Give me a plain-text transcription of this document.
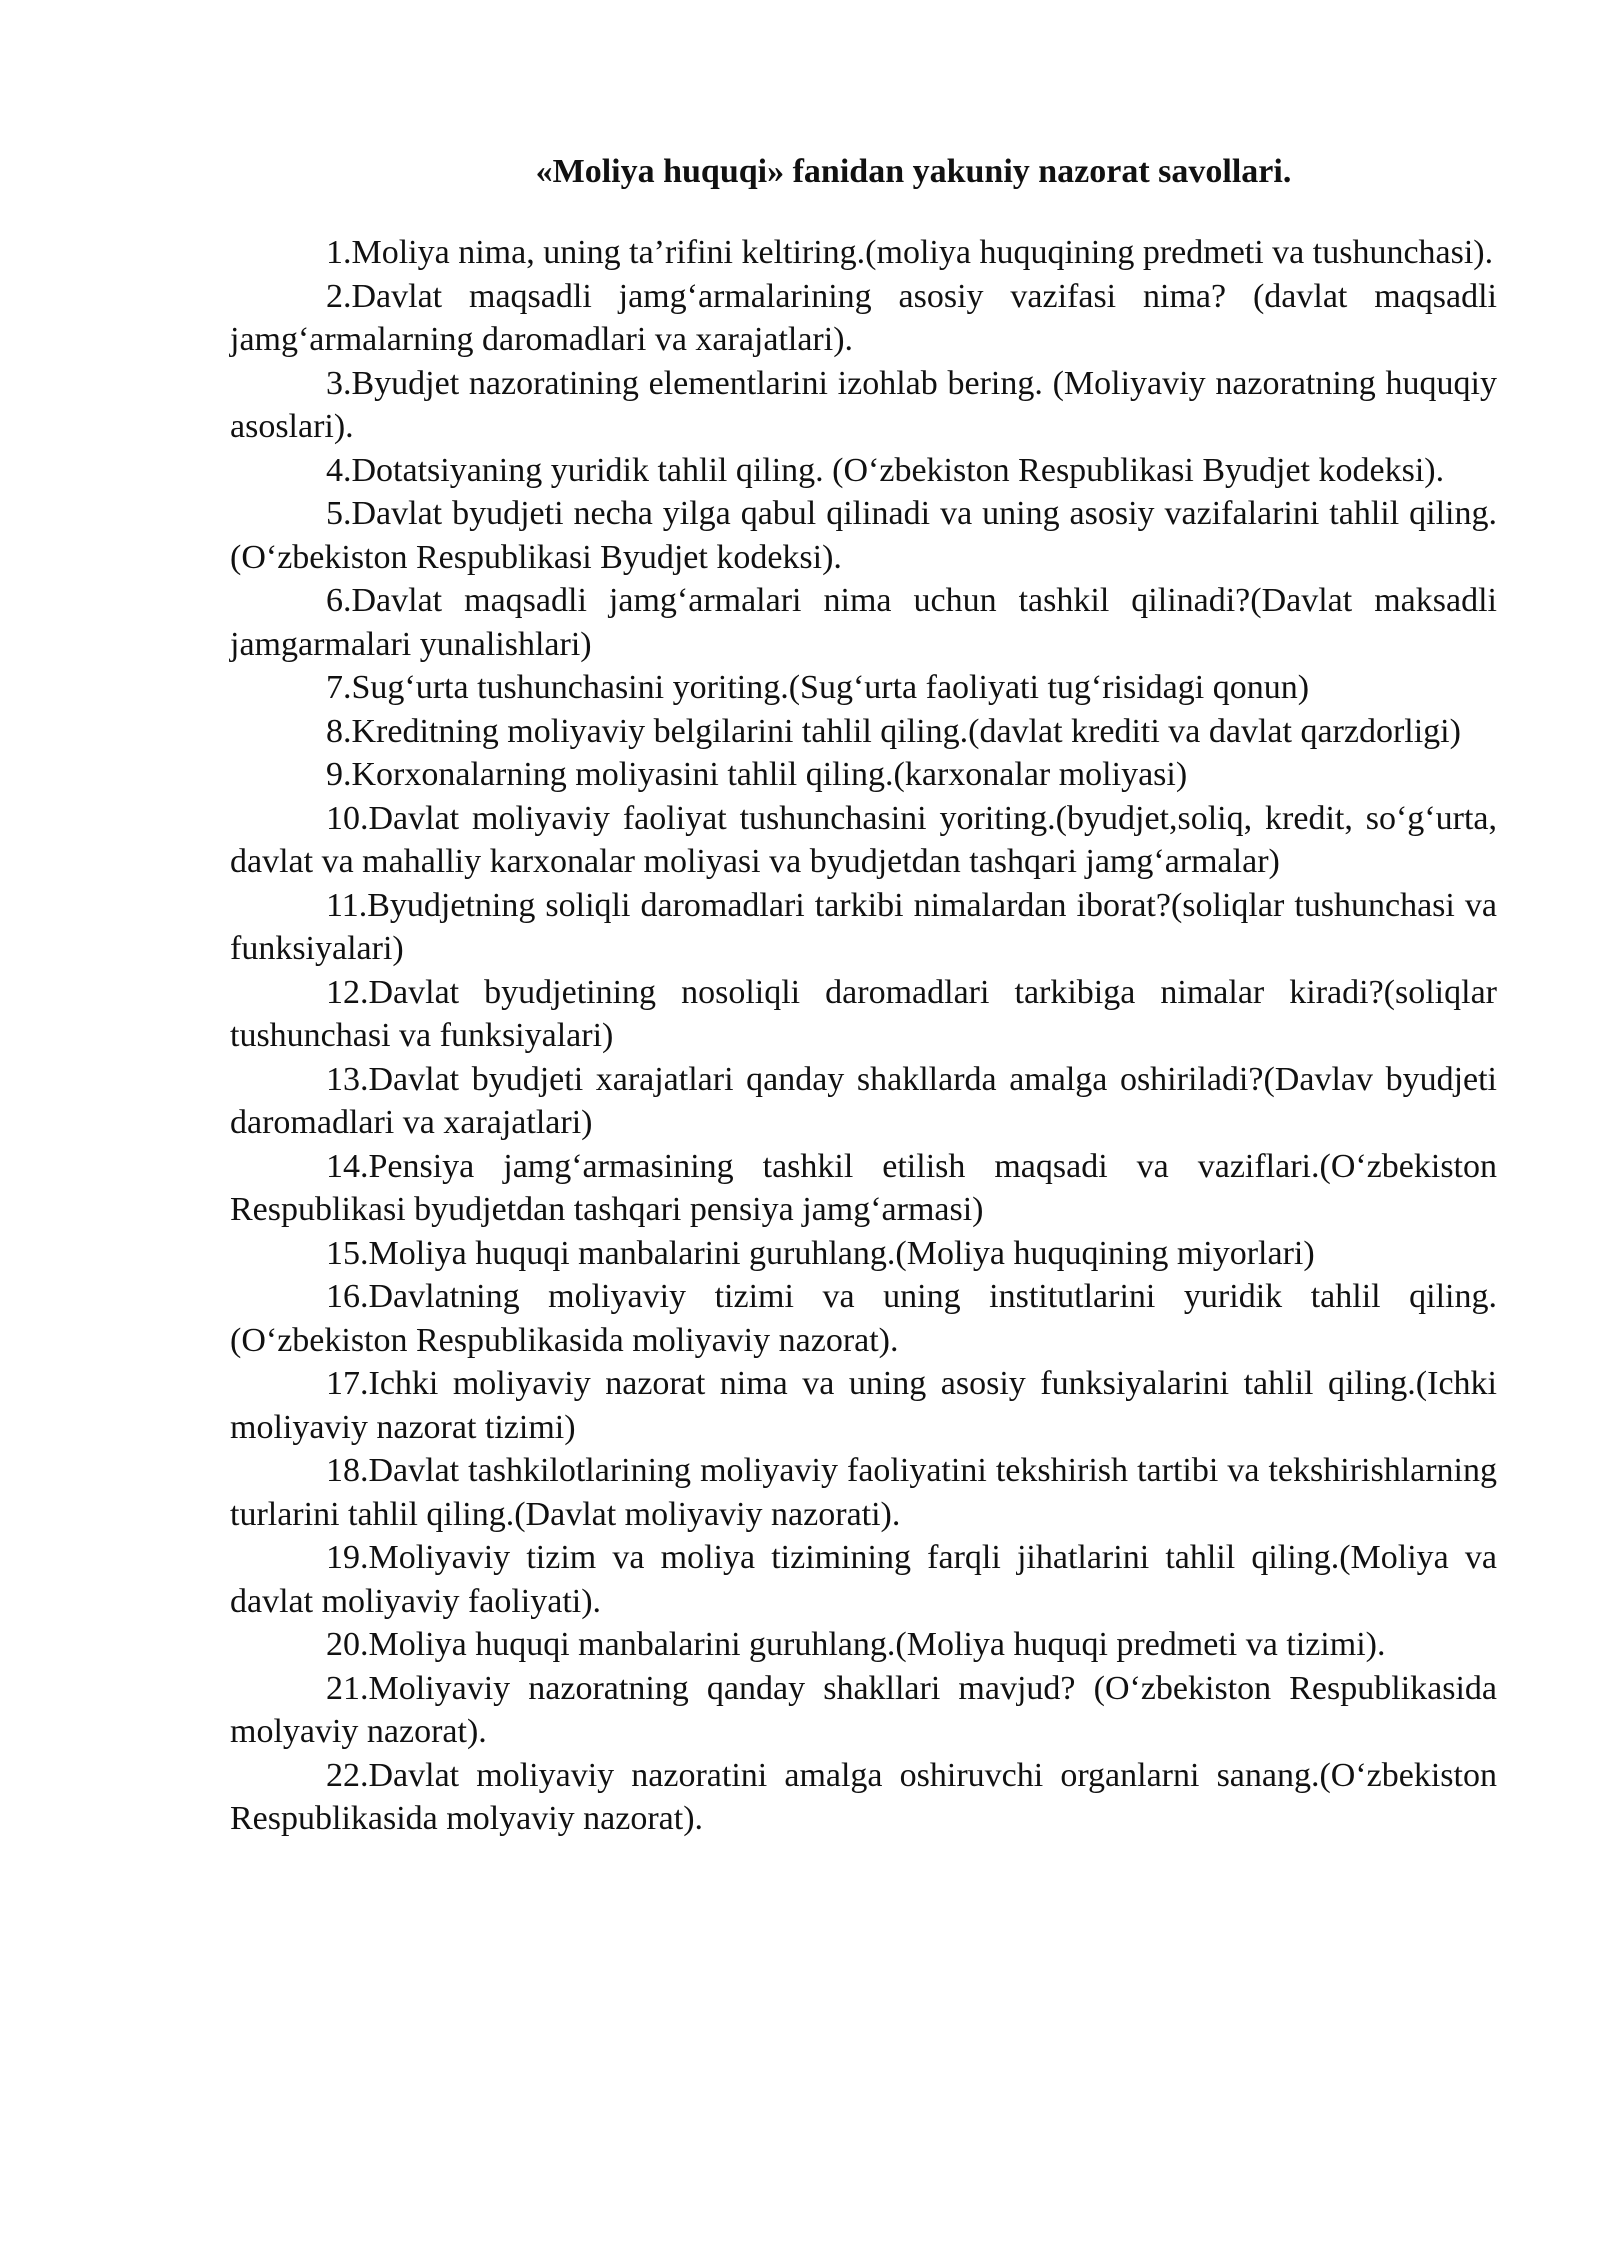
«Moliya huquqi» fanidan yakuniy nazorat savollari.
1.Moliya nima, uning ta’rifini keltiring.(moliya huquqining predmeti va tushunchasi).
2.Davlat maqsadli jamg‘armalarining asosiy vazifasi nima? (davlat maqsadli jamg‘armalarning daromadlari va xarajatlari).
3.Byudjet nazoratining elementlarini izohlab bering. (Moliyaviy nazoratning huquqiy asoslari).
4.Dotatsiyaning yuridik tahlil qiling. (O‘zbekiston Respublikasi Byudjet kodeksi).
5.Davlat byudjeti necha yilga qabul qilinadi va uning asosiy vazifalarini tahlil qiling.(O‘zbekiston Respublikasi Byudjet kodeksi).
6.Davlat maqsadli jamg‘armalari nima uchun tashkil qilinadi?(Davlat maksadli jamgarmalari yunalishlari)
7.Sug‘urta tushunchasini yoriting.(Sug‘urta faoliyati tug‘risidagi qonun)
8.Kreditning moliyaviy belgilarini tahlil qiling.(davlat krediti va davlat qarzdorligi)
9.Korxonalarning moliyasini tahlil qiling.(karxonalar moliyasi)
10.Davlat moliyaviy faoliyat tushunchasini yoriting.(byudjet,soliq, kredit, so‘g‘urta, davlat va mahalliy karxonalar moliyasi va byudjetdan tashqari jamg‘armalar)
11.Byudjetning soliqli daromadlari tarkibi nimalardan iborat?(soliqlar tushunchasi va funksiyalari)
12.Davlat byudjetining nosoliqli daromadlari tarkibiga nimalar kiradi?(soliqlar tushunchasi va funksiyalari)
13.Davlat byudjeti xarajatlari qanday shakllarda amalga oshiriladi?(Davlav byudjeti daromadlari va xarajatlari)
14.Pensiya jamg‘armasining tashkil etilish maqsadi va vaziflari.(O‘zbekiston Respublikasi byudjetdan tashqari pensiya jamg‘armasi)
15.Moliya huquqi manbalarini guruhlang.(Moliya huquqining miyorlari)
16.Davlatning moliyaviy tizimi va uning institutlarini yuridik tahlil qiling.(O‘zbekiston Respublikasida moliyaviy nazorat).
17.Ichki moliyaviy nazorat nima va uning asosiy funksiyalarini tahlil qiling.(Ichki moliyaviy nazorat tizimi)
18.Davlat tashkilotlarining moliyaviy faoliyatini tekshirish tartibi va tekshirishlarning turlarini tahlil qiling.(Davlat moliyaviy nazorati).
19.Moliyaviy tizim va moliya tizimining farqli jihatlarini tahlil qiling.(Moliya va davlat moliyaviy faoliyati).
20.Moliya huquqi manbalarini guruhlang.(Moliya huquqi predmeti va tizimi).
21.Moliyaviy nazoratning qanday shakllari mavjud? (O‘zbekiston Respublikasida molyaviy nazorat).
22.Davlat moliyaviy nazoratini amalga oshiruvchi organlarni sanang.(O‘zbekiston Respublikasida molyaviy nazorat).
